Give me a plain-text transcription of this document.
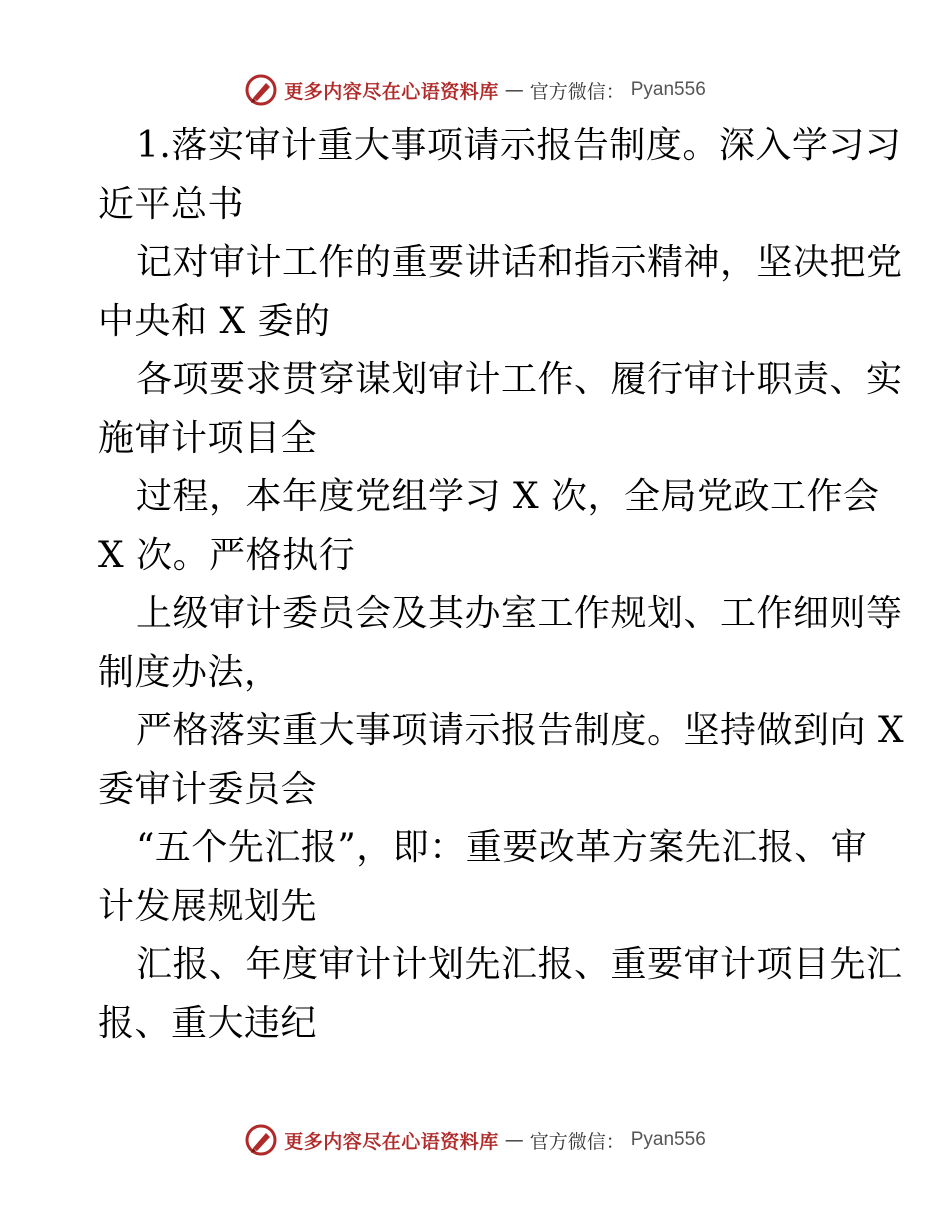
更多内容尽在心语资料库 — 官方微信： Pyan556
1.落实审计重大事项请示报告制度。深入学习习
近平总书
记对审计工作的重要讲话和指示精神，坚决把党
中央和 X 委的
各项要求贯穿谋划审计工作、履行审计职责、实
施审计项目全
过程，本年度党组学习 X 次，全局党政工作会
X 次。严格执行
上级审计委员会及其办室工作规划、工作细则等
制度办法，
严格落实重大事项请示报告制度。坚持做到向 X
委审计委员会
“五个先汇报”，即：重要改革方案先汇报、审
计发展规划先
汇报、年度审计计划先汇报、重要审计项目先汇
报、重大违纪
更多内容尽在心语资料库 — 官方微信： Pyan556
